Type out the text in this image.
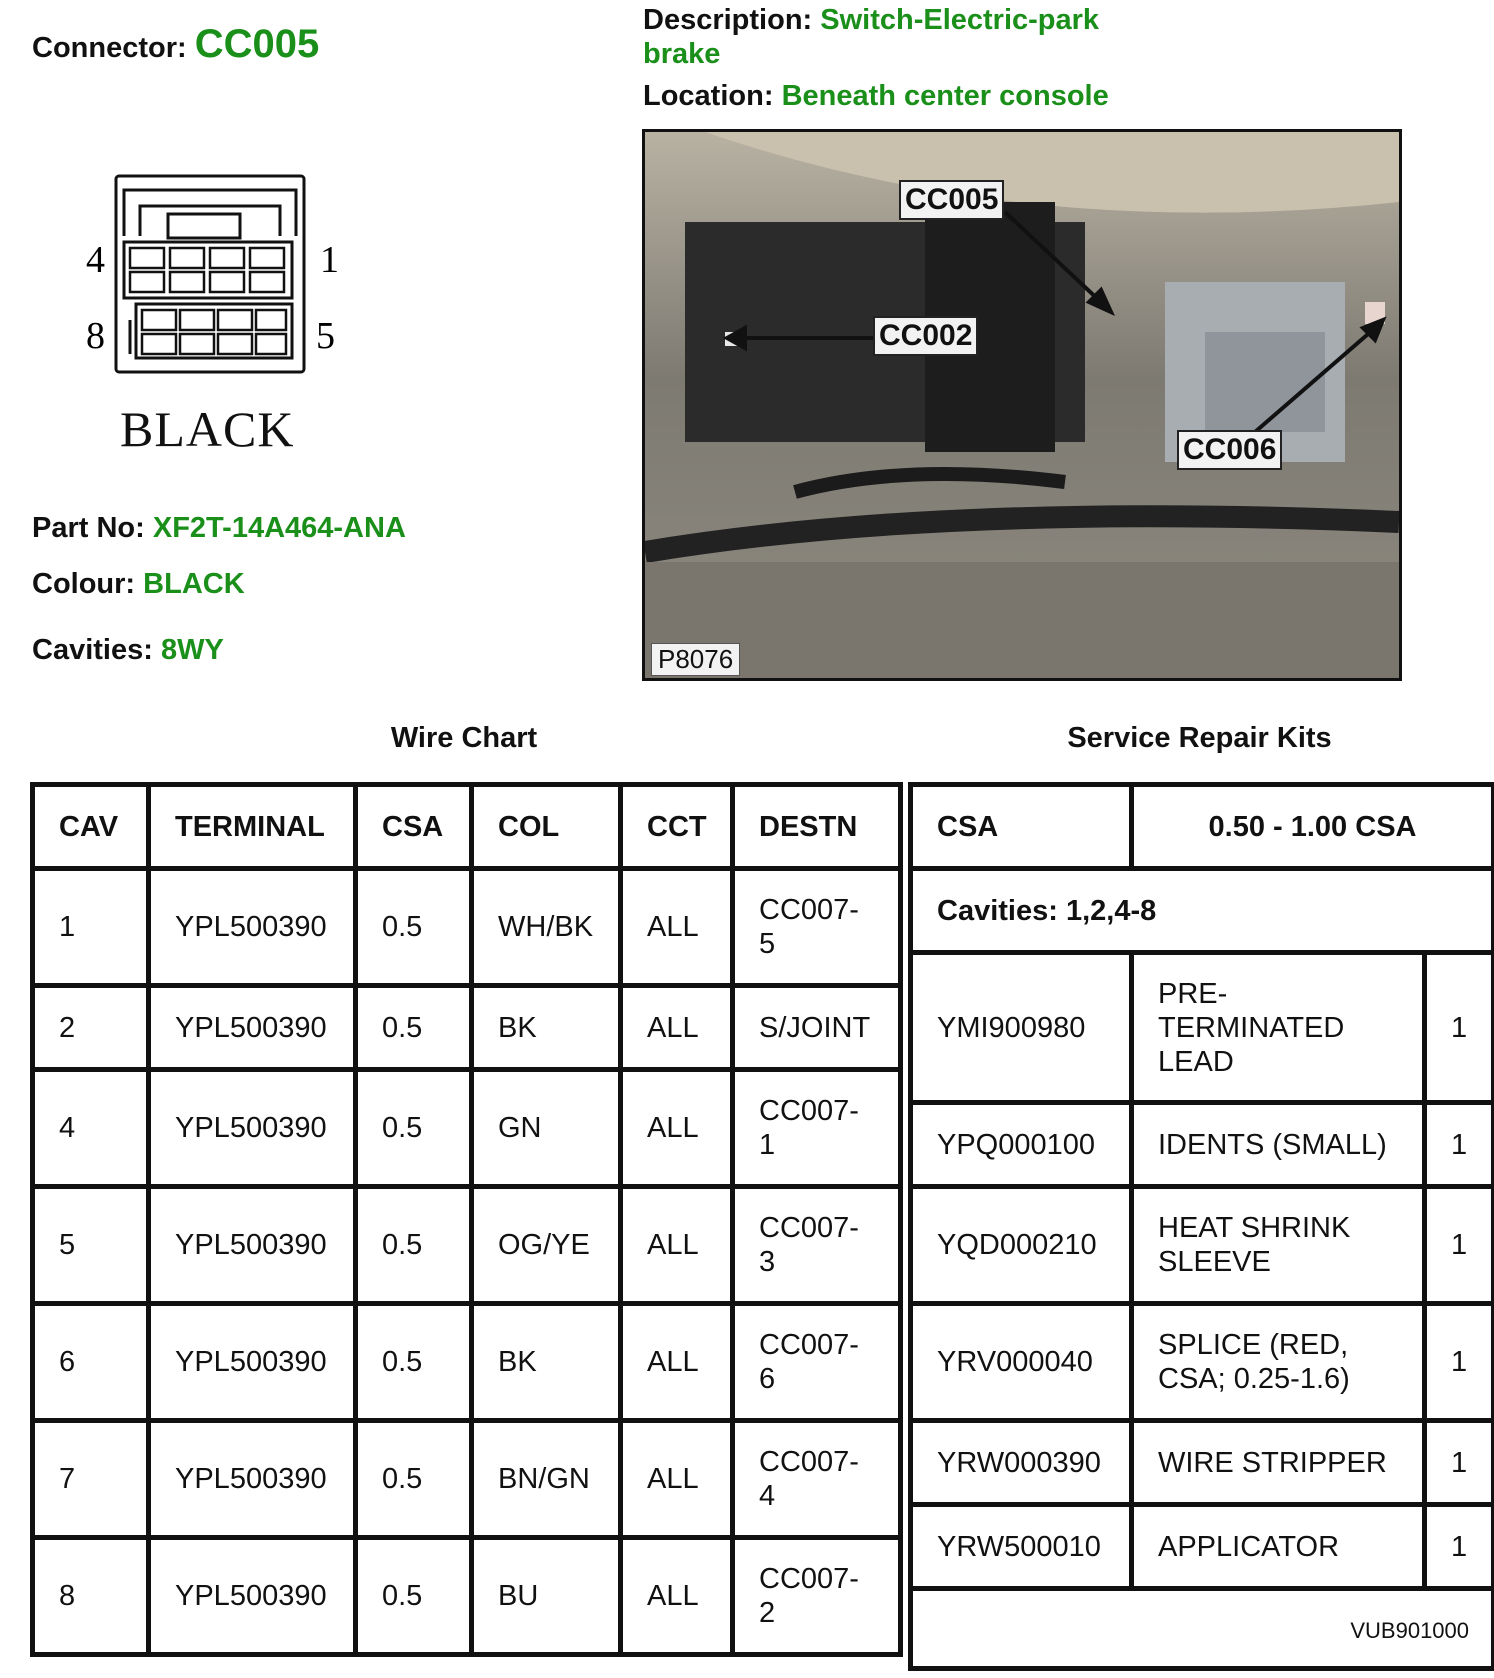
Connector: CC005
Description: Switch-Electric-park
brake
Location: Beneath center console
4	1
8	5
BLACK
Part No: XF2T-14A464-ANA
Colour: BLACK
Cavities: 8WY
CC005
CC002
CC006
P8076
Wire Chart	Service Repair Kits
CAV	TERMINAL	CSA	COL	CCT	DESTN
1	YPL500390	0.5	WH/BK	ALL	CC007-
5
2	YPL500390	0.5	BK	ALL	S/JOINT
4	YPL500390	0.5	GN	ALL	CC007-
1
5	YPL500390	0.5	OG/YE	ALL	CC007-
3
6	YPL500390	0.5	BK	ALL	CC007-
6
7	YPL500390	0.5	BN/GN	ALL	CC007-
4
8	YPL500390	0.5	BU	ALL	CC007-
2
CSA	0.50 - 1.00 CSA	
Cavities: 1,2,4-8		
YMI900980	PRE-
TERMINATED
LEAD	1
YPQ000100	IDENTS (SMALL)	1
YQD000210	HEAT SHRINK
SLEEVE	1
YRV000040	SPLICE (RED,
CSA; 0.25-1.6)	1
YRW000390	WIRE STRIPPER	1
YRW500010	APPLICATOR	1
VUB901000		
